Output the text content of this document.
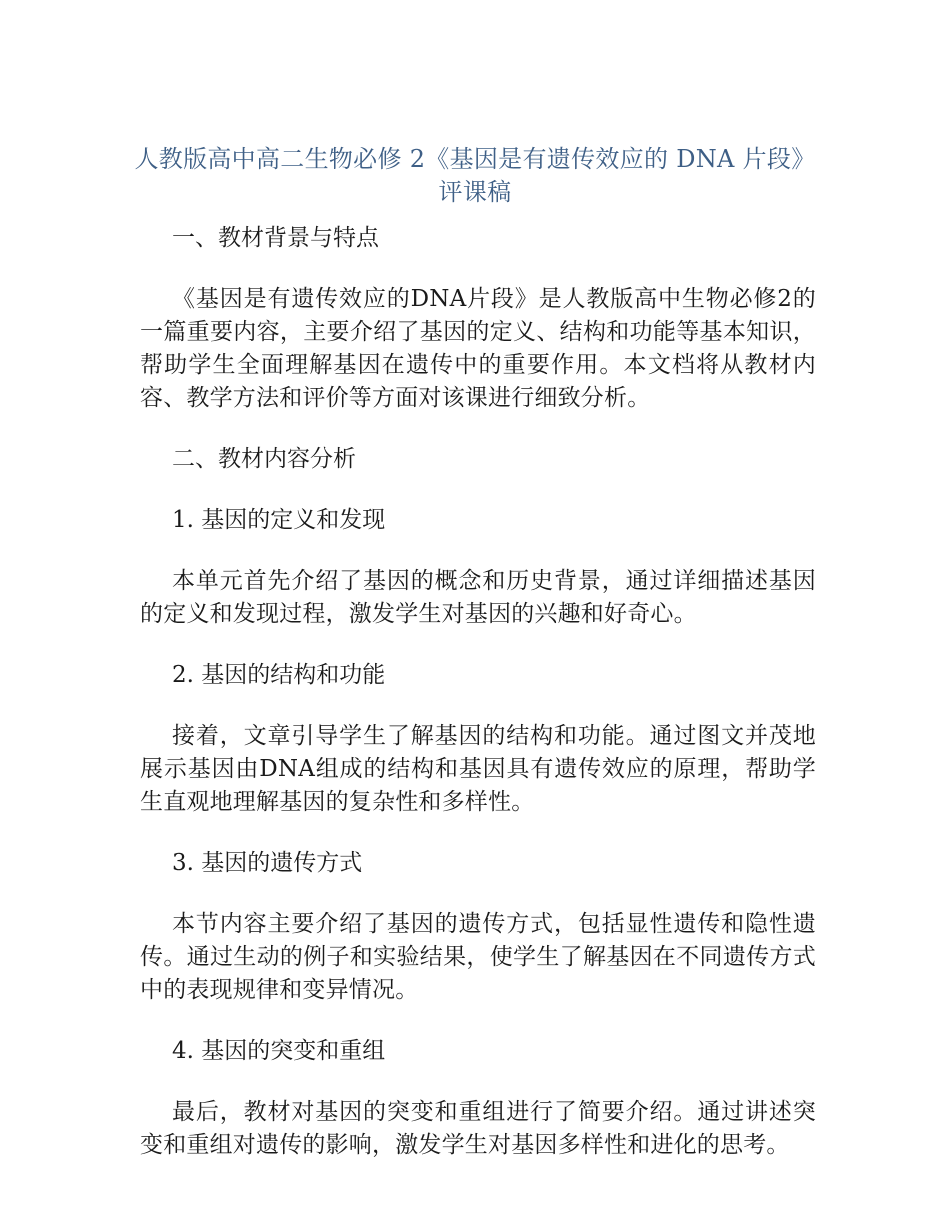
人教版高中高二生物必修 2《基因是有遗传效应的 DNA 片段》评课稿

一、教材背景与特点

《基因是有遗传效应的DNA片段》是人教版高中生物必修2的一篇重要内容，主要介绍了基因的定义、结构和功能等基本知识，帮助学生全面理解基因在遗传中的重要作用。本文档将从教材内容、教学方法和评价等方面对该课进行细致分析。

二、教材内容分析

1. 基因的定义和发现

本单元首先介绍了基因的概念和历史背景，通过详细描述基因的定义和发现过程，激发学生对基因的兴趣和好奇心。

2. 基因的结构和功能

接着，文章引导学生了解基因的结构和功能。通过图文并茂地展示基因由DNA组成的结构和基因具有遗传效应的原理，帮助学生直观地理解基因的复杂性和多样性。

3. 基因的遗传方式

本节内容主要介绍了基因的遗传方式，包括显性遗传和隐性遗传。通过生动的例子和实验结果，使学生了解基因在不同遗传方式中的表现规律和变异情况。

4. 基因的突变和重组

最后，教材对基因的突变和重组进行了简要介绍。通过讲述突变和重组对遗传的影响，激发学生对基因多样性和进化的思考。
